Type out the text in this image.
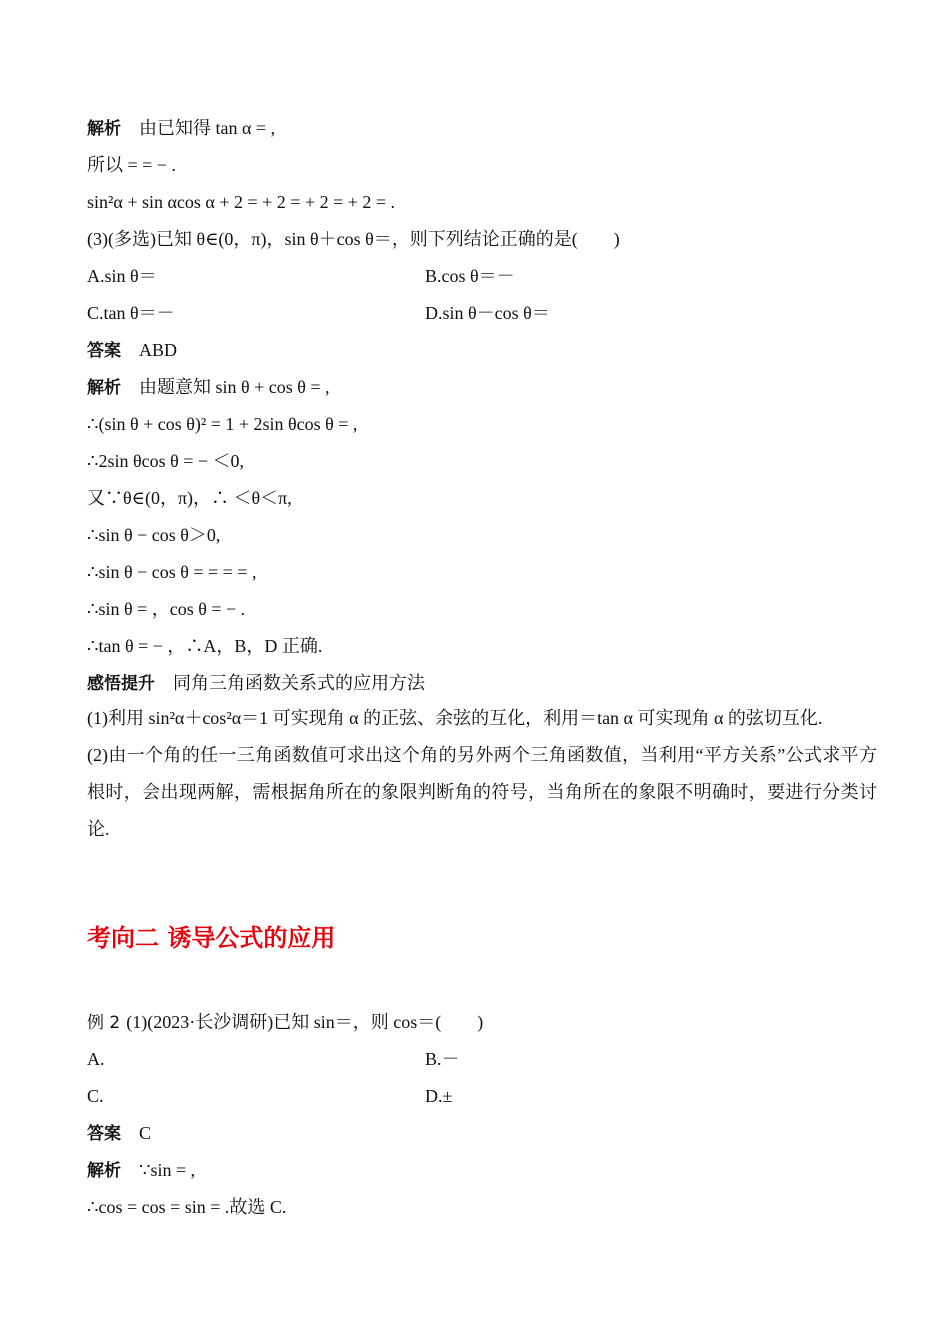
解析 由已知得 tan α = ,
所以 = = − .
sin²α + sin αcos α + 2 = + 2 = + 2 = + 2 = .
(3)(多选)已知 θ∈(0，π)，sin θ＋cos θ＝，则下列结论正确的是(　　)
A.sin θ＝	B.cos θ＝－
C.tan θ＝－	D.sin θ－cos θ＝
答案 ABD
解析 由题意知 sin θ + cos θ = ,
∴(sin θ + cos θ)² = 1 + 2sin θcos θ = ,
∴2sin θcos θ = − ＜0,
又∵θ∈(0，π)，∴ ＜θ＜π,
∴sin θ − cos θ＞0,
∴sin θ − cos θ = = = = ,
∴sin θ = ，cos θ = − .
∴tan θ = − ，∴A，B，D 正确.
感悟提升 同角三角函数关系式的应用方法
(1)利用 sin²α＋cos²α＝1 可实现角 α 的正弦、余弦的互化，利用＝tan α 可实现角 α 的弦切互化.
(2)由一个角的任一三角函数值可求出这个角的另外两个三角函数值，当利用“平方关系”公式求平方根时，会出现两解，需根据角所在的象限判断角的符号，当角所在的象限不明确时，要进行分类讨论.
考向二 诱导公式的应用
例 2 (1)(2023·长沙调研)已知 sin＝，则 cos＝(　　)
A.	B.－
C.	D.±
答案 C
解析 ∵sin = ,
∴cos = cos = sin = .故选 C.
